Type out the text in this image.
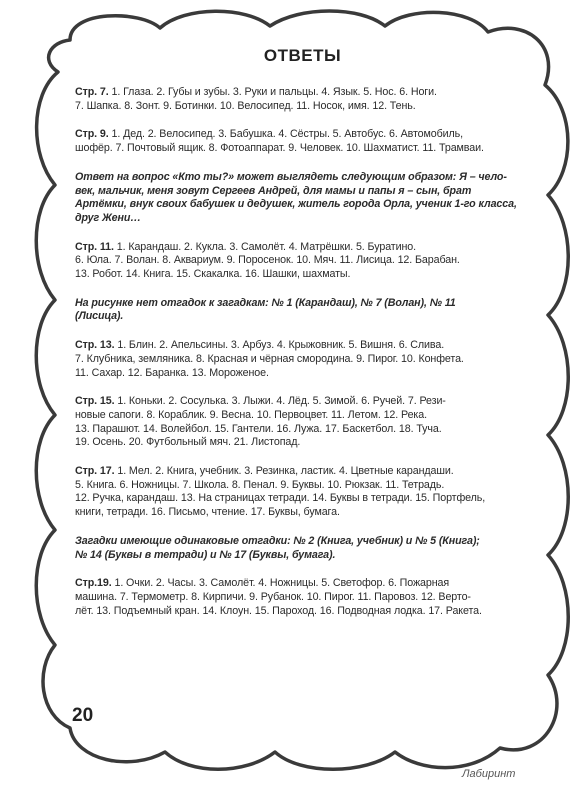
ОТВЕТЫ
Стр. 7. 1. Глаза. 2. Губы и зубы. 3. Руки и пальцы. 4. Язык. 5. Нос. 6. Ноги.
7. Шапка. 8. Зонт. 9. Ботинки. 10. Велосипед. 11. Носок, имя. 12. Тень.
Стр. 9. 1. Дед. 2. Велосипед. 3. Бабушка. 4. Сёстры. 5. Автобус. 6. Автомобиль,
шофёр. 7. Почтовый ящик. 8. Фотоаппарат. 9. Человек. 10. Шахматист. 11. Трамваи.
Ответ на вопрос «Кто ты?» может выглядеть следующим образом: Я – чело-
век, мальчик, меня зовут Сергеев Андрей, для мамы и папы я – сын, брат
Артёмки, внук своих бабушек и дедушек, житель города Орла, ученик 1-го класса,
друг Жени…
Стр. 11. 1. Карандаш. 2. Кукла. 3. Самолёт. 4. Матрёшки. 5. Буратино.
6. Юла. 7. Волан. 8. Аквариум. 9. Поросенок. 10. Мяч. 11. Лисица. 12. Барабан.
13. Робот. 14. Книга. 15. Скакалка. 16. Шашки, шахматы.
На рисунке нет отгадок к загадкам: № 1 (Карандаш), № 7 (Волан), № 11
(Лисица).
Стр. 13. 1. Блин. 2. Апельсины. 3. Арбуз. 4. Крыжовник. 5. Вишня. 6. Слива.
7. Клубника, земляника. 8. Красная и чёрная смородина. 9. Пирог. 10. Конфета.
11. Сахар. 12. Баранка. 13. Мороженое.
Стр. 15. 1. Коньки. 2. Сосулька. 3. Лыжи. 4. Лёд. 5. Зимой. 6. Ручей. 7. Рези-
новые сапоги. 8. Кораблик. 9. Весна. 10. Первоцвет. 11. Летом. 12. Река.
13. Парашют. 14. Волейбол. 15. Гантели. 16. Лужа. 17. Баскетбол. 18. Туча.
19. Осень. 20. Футбольный мяч. 21. Листопад.
Стр. 17. 1. Мел. 2. Книга, учебник. 3. Резинка, ластик. 4. Цветные карандаши.
5. Книга. 6. Ножницы. 7. Школа. 8. Пенал. 9. Буквы. 10. Рюкзак. 11. Тетрадь.
12. Ручка, карандаш. 13. На страницах тетради. 14. Буквы в тетради. 15. Портфель,
книги, тетради. 16. Письмо, чтение. 17. Буквы, бумага.
Загадки имеющие одинаковые отгадки: № 2 (Книга, учебник) и № 5 (Книга);
№ 14 (Буквы в тетради) и № 17 (Буквы, бумага).
Стр.19. 1. Очки. 2. Часы. 3. Самолёт. 4. Ножницы. 5. Светофор. 6. Пожарная
машина. 7. Термометр. 8. Кирпичи. 9. Рубанок. 10. Пирог. 11. Паровоз. 12. Верто-
лёт. 13. Подъемный кран. 14. Клоун. 15. Пароход. 16. Подводная лодка. 17. Ракета.
20
Лабиринт
